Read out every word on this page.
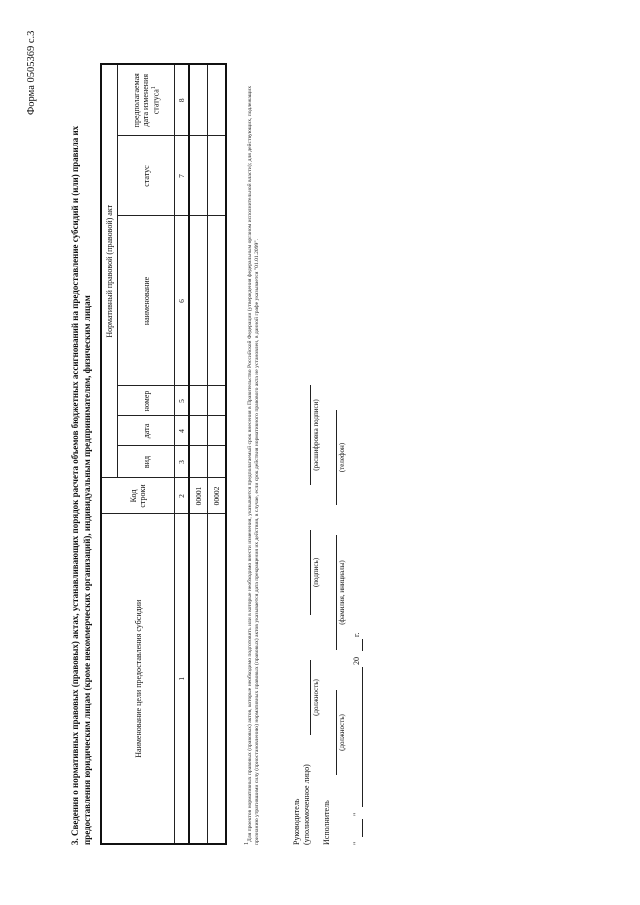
Форма 0505369 с.3
3. Сведения о нормативных правовых (правовых) актах, устанавливающих порядок расчета объемов бюджетных ассигнований на предоставление субсидий и (или) правила их предоставления юридическим лицам (кроме некоммерческих организаций), индивидуальным предпринимателям, физическим лицам	Наименование цели предоставления субсидии	Код строки	Нормативный правовой (правовой) акт					
		вид	дата	номер	наименование	статус	предполагаемая дата изменения статуса$^1$
1	2	3	4	5	6	7	8
	00001						
	00002						
$^1$Для проектов нормативных правовых (правовых) актов, которые необходимо подготовить или в которые необходимо внести изменения, указывается предполагаемый срок внесения в Правительство Российской Федерации (утверждения федеральным органом исполнительной власти); для действующих, подлежащих признанию утратившими силу (приостановлению) нормативных правовых (правовых) актов указывается дата прекращения их действия, в случае, если срок действия нормативного правового акта не установлен, в данной графе указывается "01.01.2099".	Руководитель (уполномоченное лицо)
(должность)
(подпись)
(расшифровка подписи)
Исполнитель
(должность)
(фамилия, инициалы)
(телефон)
"
"
20
г.
